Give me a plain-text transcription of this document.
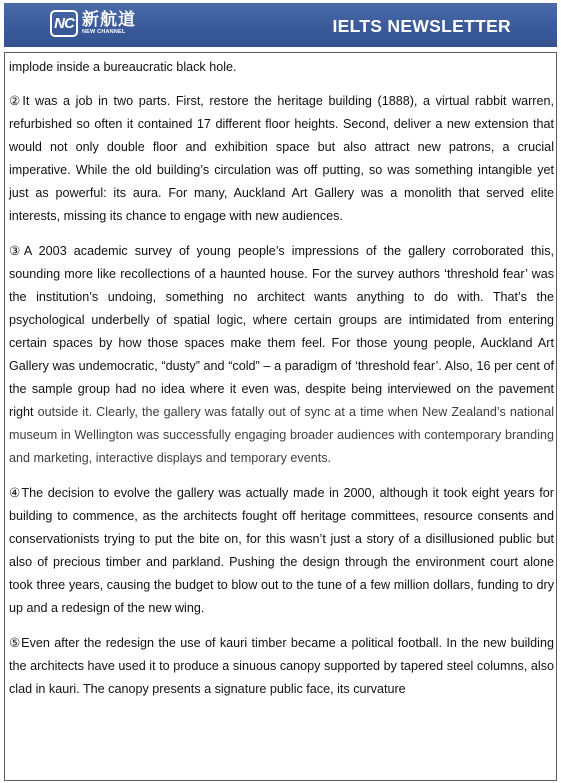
NC 新航道
NEW CHANNEL	IELTS NEWSLETTER

implode inside a bureaucratic black hole.

②It was a job in two parts. First, restore the heritage building (1888), a virtual rabbit warren, refurbished so often it contained 17 different floor heights. Second, deliver a new extension that would not only double floor and exhibition space but also attract new patrons, a crucial imperative. While the old building’s circulation was off putting, so was something intangible yet just as powerful: its aura. For many, Auckland Art Gallery was a monolith that served elite interests, missing its chance to engage with new audiences.

③A 2003 academic survey of young people’s impressions of the gallery corroborated this, sounding more like recollections of a haunted house. For the survey authors ‘threshold fear’ was the institution’s undoing, something no architect wants anything to do with. That’s the psychological underbelly of spatial logic, where certain groups are intimidated from entering certain spaces by how those spaces make them feel. For those young people, Auckland Art Gallery was undemocratic, “dusty” and “cold” – a paradigm of ‘threshold fear’. Also, 16 per cent of the sample group had no idea where it even was, despite being interviewed on the pavement right outside it. Clearly, the gallery was fatally out of sync at a time when New Zealand’s national museum in Wellington was successfully engaging broader audiences with contemporary branding and marketing, interactive displays and temporary events.

④The decision to evolve the gallery was actually made in 2000, although it took eight years for building to commence, as the architects fought off heritage committees, resource consents and conservationists trying to put the bite on, for this wasn’t just a story of a disillusioned public but also of precious timber and parkland. Pushing the design through the environment court alone took three years, causing the budget to blow out to the tune of a few million dollars, funding to dry up and a redesign of the new wing.

⑤Even after the redesign the use of kauri timber became a political football. In the new building the architects have used it to produce a sinuous canopy supported by tapered steel columns, also clad in kauri. The canopy presents a signature public face, its curvature
